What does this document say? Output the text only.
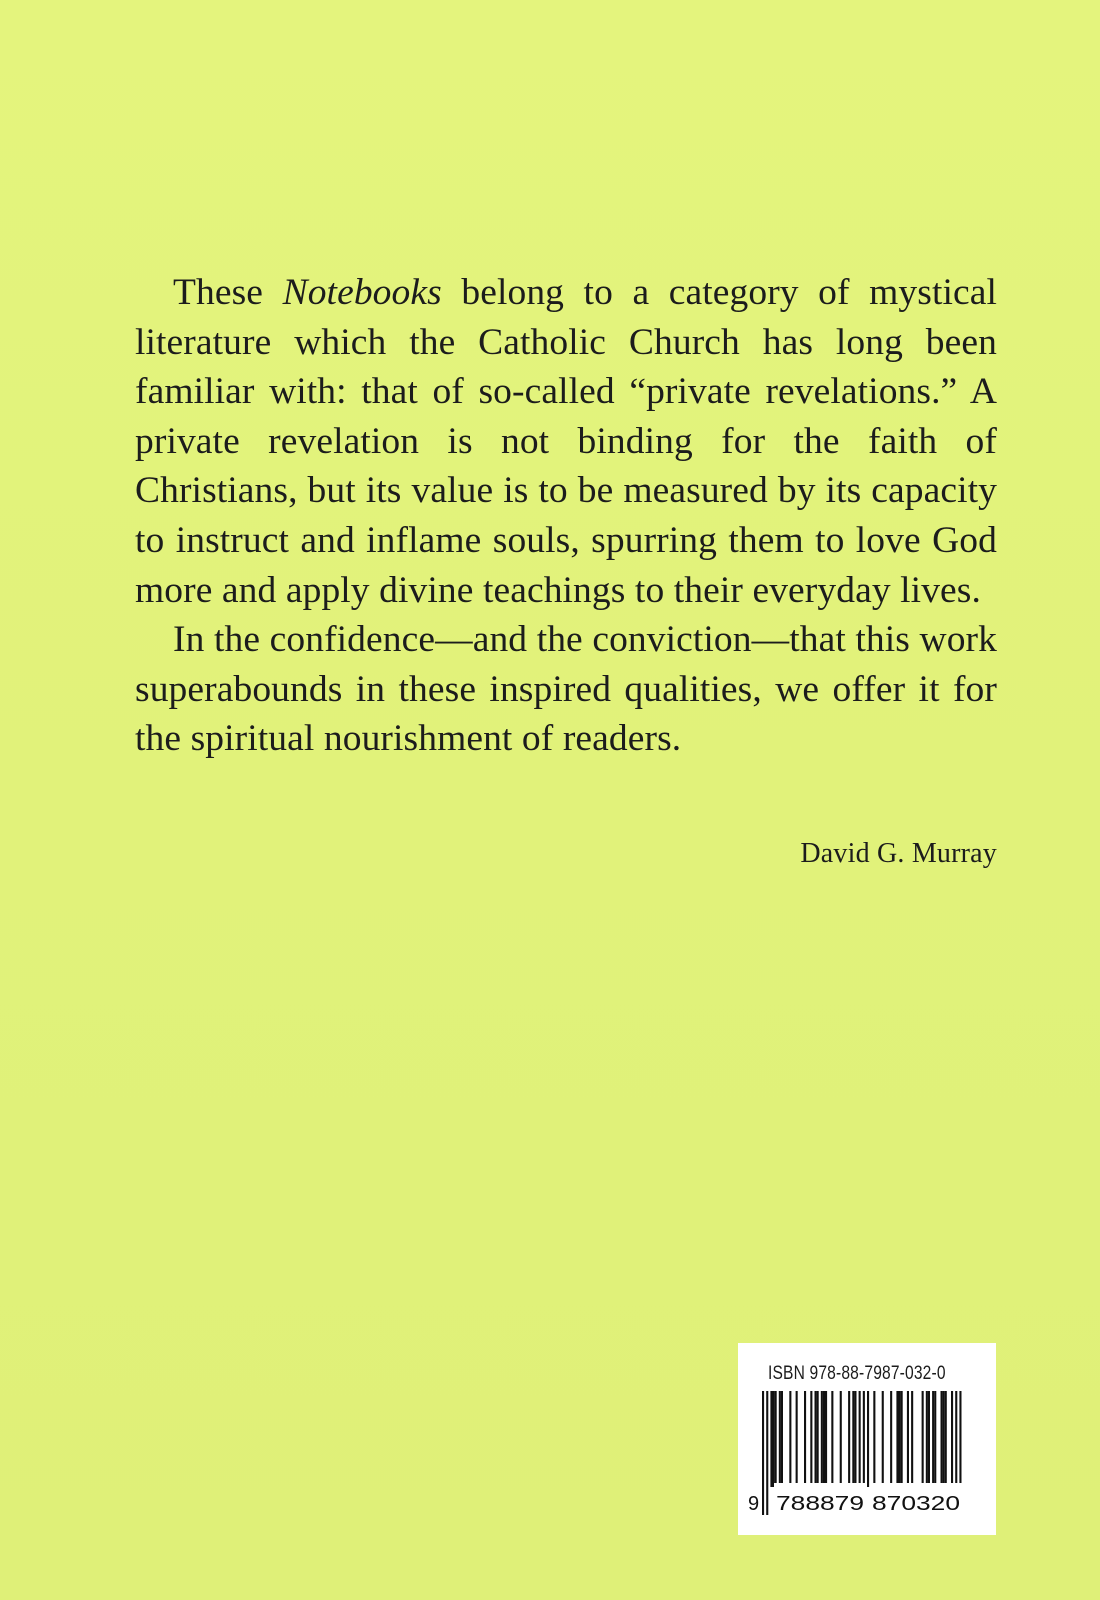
These Notebooks belong to a category of mystical literature which the Catholic Church has long been familiar with: that of so-called “private revelations.” A private revelation is not binding for the faith of Christians, but its value is to be measured by its capacity to instruct and inflame souls, spurring them to love God more and apply divine teachings to their everyday lives.

In the confidence—and the conviction—that this work superabounds in these inspired qualities, we offer it for the spiritual nourishment of readers.

David G. Murray

ISBN 978-88-7987-032-0
9 788879 870320
